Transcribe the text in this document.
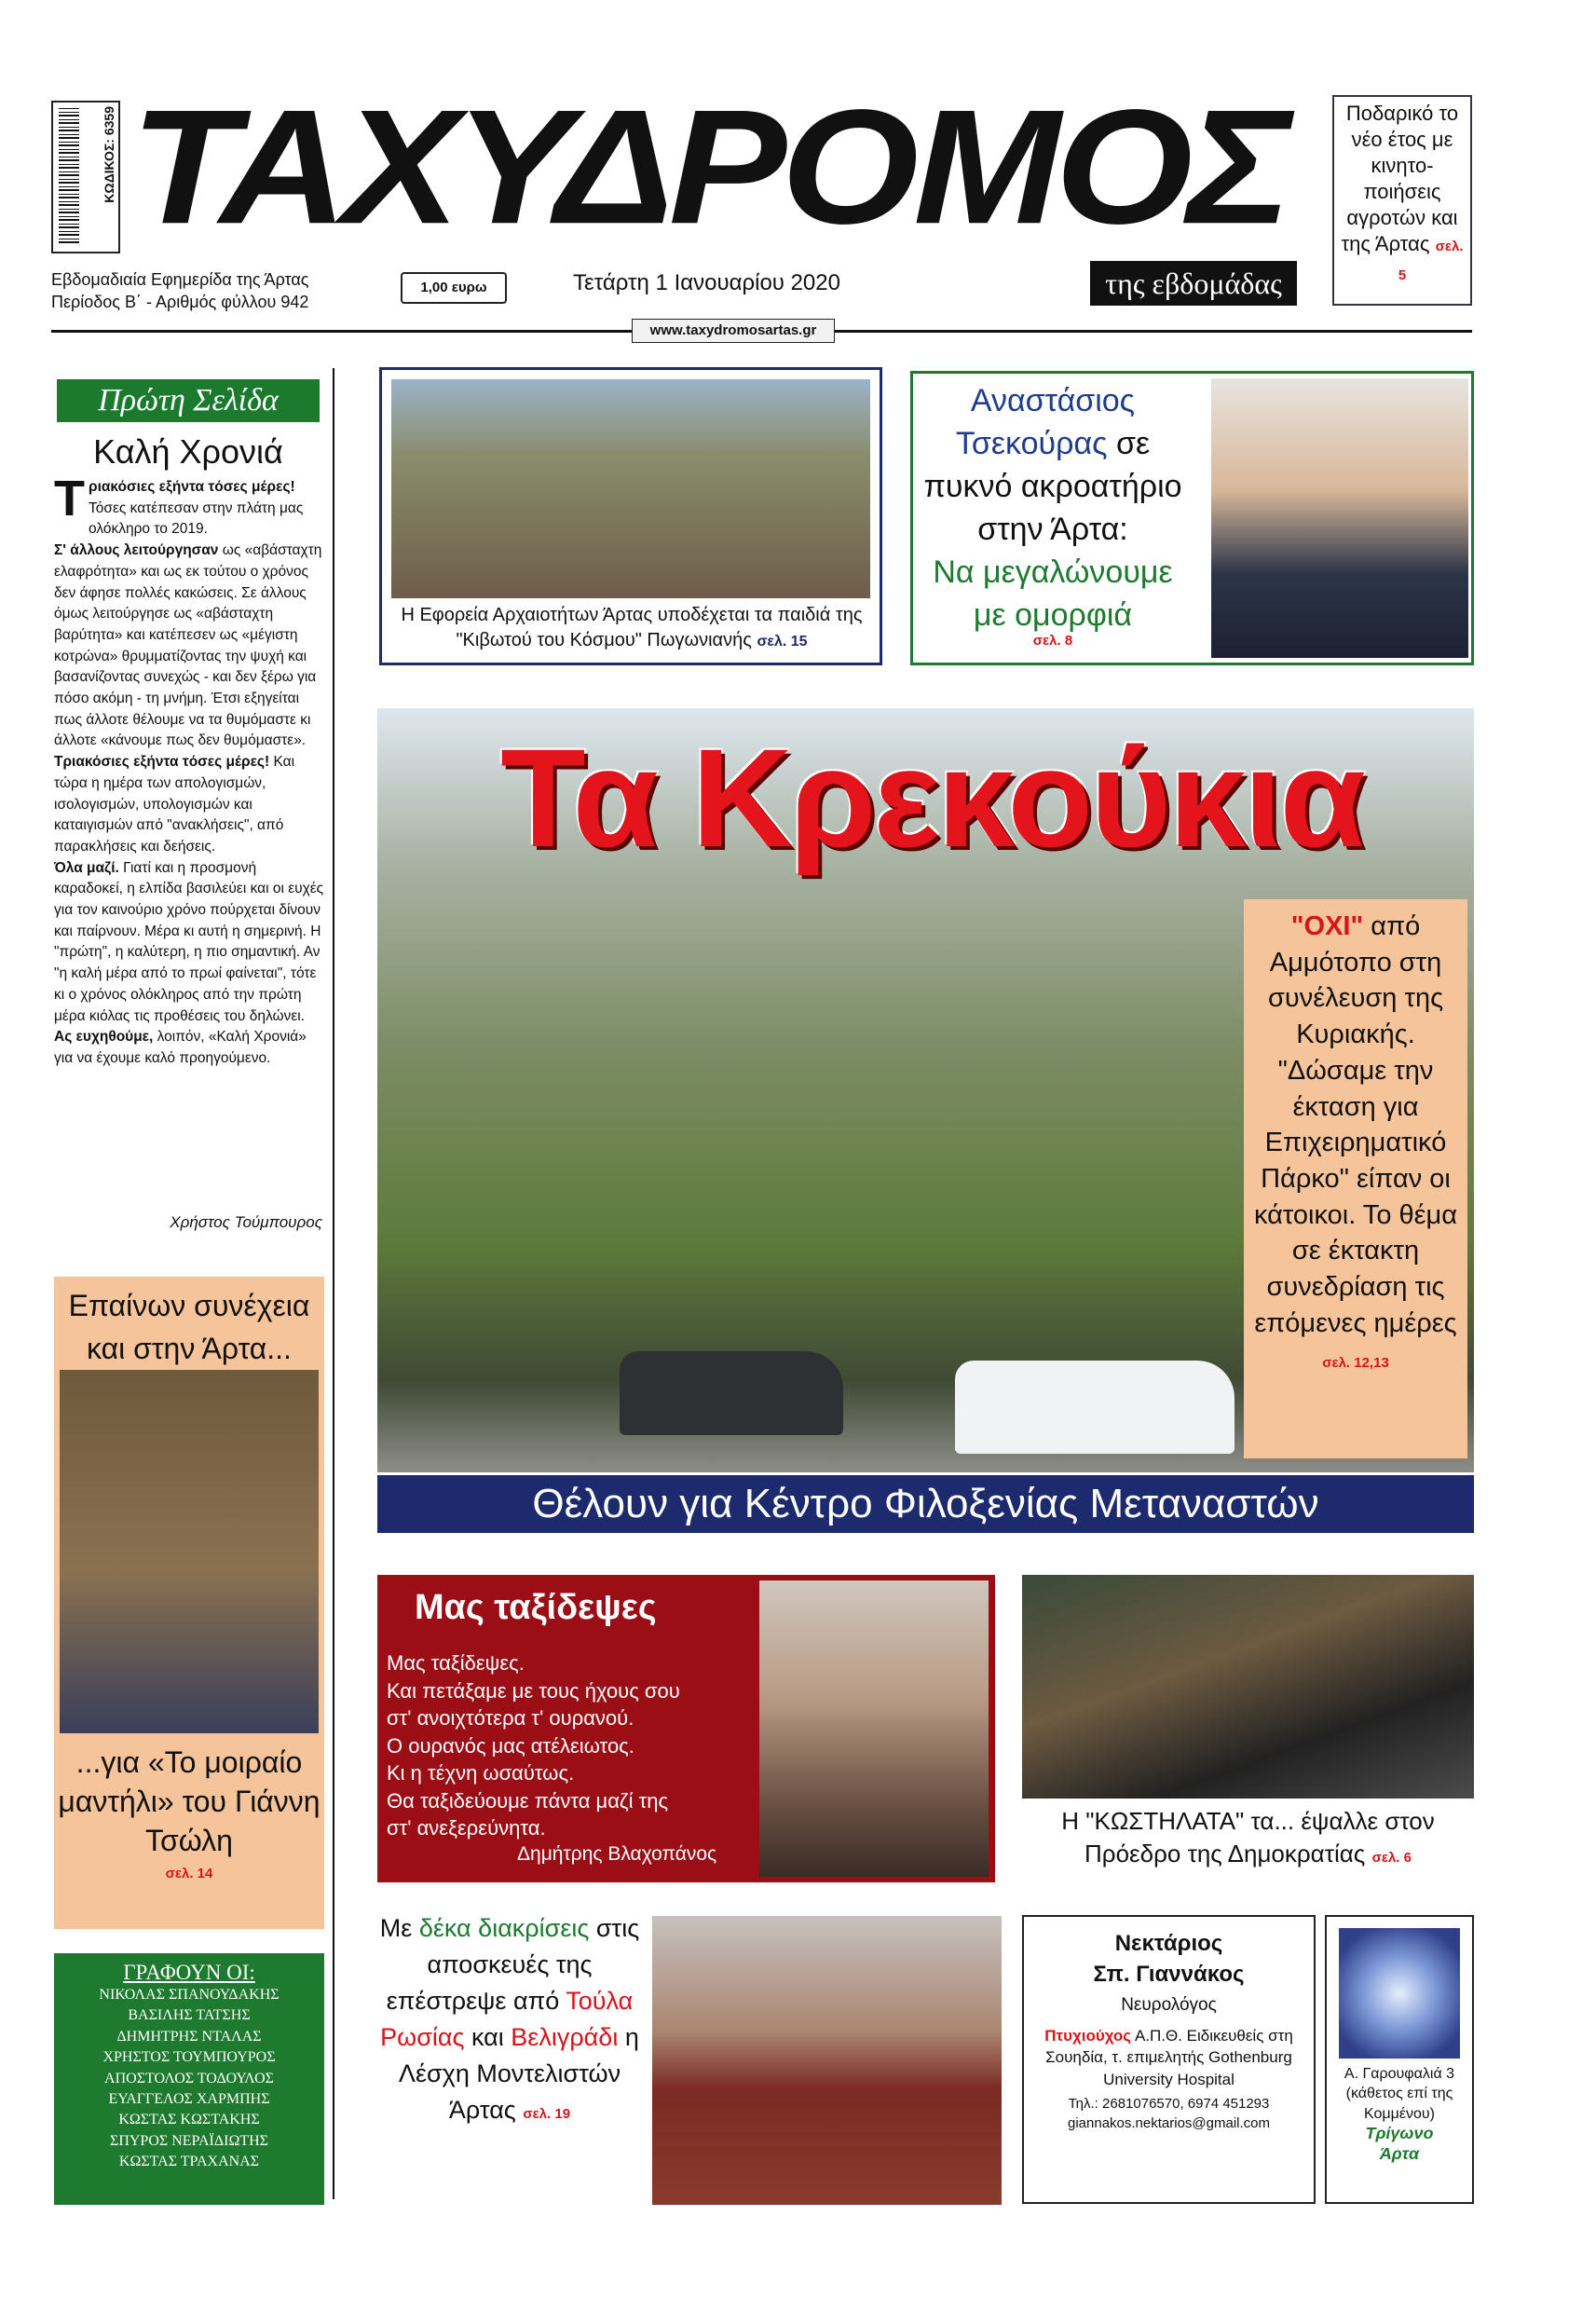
ΚΩΔΙΚΟΣ: 6359 ΤΑΧΥΔΡΟΜΟΣ
της εβδομάδας
Ποδαρικό το νέο έτος με κινητο-ποιήσεις αγροτών και της Άρτας σελ. 5
Εβδομαδιαία Εφημερίδα της Άρτας
Περίοδος Β΄ - Αριθμός φύλλου 942
1,00 ευρω	Τετάρτη 1 Ιανουαρίου 2020
www.taxydromosartas.gr
Πρώτη Σελίδα
Καλή Χρονιά
Τριακόσιες εξήντα τόσες μέρες! Τόσες κατέπεσαν στην πλάτη μας ολόκληρο το 2019.
Σ' άλλους λειτούργησαν ως «αβάσταχτη ελαφρότητα» και ως εκ τούτου ο χρόνος δεν άφησε πολλές κακώσεις. Σε άλλους όμως λειτούργησε ως «αβάσταχτη βαρύτητα» και κατέπεσεν ως «μέγιστη κοτρώνα» θρυμματίζοντας την ψυχή και βασανίζοντας συνεχώς - και δεν ξέρω για πόσο ακόμη - τη μνήμη. Έτσι εξηγείται πως άλλοτε θέλουμε να τα θυμόμαστε κι άλλοτε «κάνουμε πως δεν θυμόμαστε».
Τριακόσιες εξήντα τόσες μέρες! Και τώρα η ημέρα των απολογισμών, ισολογισμών, υπολογισμών και καταιγισμών από "ανακλήσεις", από παρακλήσεις και δεήσεις.
Όλα μαζί. Γιατί και η προσμονή καραδοκεί, η ελπίδα βασιλεύει και οι ευχές για τον καινούριο χρόνο πούρχεται δίνουν και παίρνουν. Μέρα κι αυτή η σημερινή. Η "πρώτη", η καλύτερη, η πιο σημαντική. Αν "η καλή μέρα από το πρωί φαίνεται", τότε κι ο χρόνος ολόκληρος από την πρώτη μέρα κιόλας τις προθέσεις του δηλώνει.
Ας ευχηθούμε, λοιπόν, «Καλή Χρονιά» για να έχουμε καλό προηγούμενο.
Χρήστος Τούμπουρος
Επαίνων συνέχεια και στην Άρτα...
...για «Το μοιραίο μαντήλι» του Γιάννη Τσώλη
σελ. 14
ΓΡΑΦΟΥΝ ΟΙ:
ΝΙΚΟΛΑΣ ΣΠΑΝΟΥΔΑΚΗΣ
ΒΑΣΙΛΗΣ ΤΑΤΣΗΣ
ΔΗΜΗΤΡΗΣ ΝΤΑΛΑΣ
ΧΡΗΣΤΟΣ ΤΟΥΜΠΟΥΡΟΣ
ΑΠΟΣΤΟΛΟΣ ΤΟΔΟΥΛΟΣ
ΕΥΑΓΓΕΛΟΣ ΧΑΡΜΠΗΣ
ΚΩΣΤΑΣ ΚΩΣΤΑΚΗΣ
ΣΠΥΡΟΣ ΝΕΡΑΪΔΙΩΤΗΣ
ΚΩΣΤΑΣ ΤΡΑΧΑΝΑΣ
Η Εφορεία Αρχαιοτήτων Άρτας υποδέχεται τα παιδιά της "Κιβωτού του Κόσμου" Πωγωνιανής σελ. 15
Αναστάσιος
Τσεκούρας σε
πυκνό ακροατήριο
στην Άρτα:
Να μεγαλώνουμε με ομορφιά
σελ. 8
Τα Κρεκούκια
"ΟΧΙ" από Αμμότοπο στη συνέλευση της Κυριακής. "Δώσαμε την έκταση για Επιχειρηματικό Πάρκο" είπαν οι κάτοικοι. Το θέμα σε έκτακτη συνεδρίαση τις επόμενες ημέρες σελ. 12,13
Θέλουν για Κέντρο Φιλοξενίας Μεταναστών
Μας ταξίδεψες
Μας ταξίδεψες.
Και πετάξαμε με τους ήχους σου
στ' ανοιχτότερα τ' ουρανού.
Ο ουρανός μας ατέλειωτος.
Κι η τέχνη ωσαύτως.
Θα ταξιδεύουμε πάντα μαζί της
στ' ανεξερεύνητα.
Δημήτρης Βλαχοπάνος
Η "ΚΩΣΤΗΛΑΤΑ" τα... έψαλλε στον Πρόεδρο της Δημοκρατίας σελ. 6
Με δέκα διακρίσεις στις αποσκευές της επέστρεψε από Τούλα Ρωσίας και Βελιγράδι η Λέσχη Μοντελιστών Άρτας σελ. 19
Νεκτάριος
Σπ. Γιαννάκος
Νευρολόγος
Πτυχιούχος Α.Π.Θ. Ειδικευθείς στη Σουηδία, τ. επιμελητής Gothenburg University Hospital
Τηλ.: 2681076570, 6974 451293
giannakos.nektarios@gmail.com
Α. Γαρουφαλιά 3
(κάθετος επί της Κομμένου)
Τρίγωνο
Άρτα
